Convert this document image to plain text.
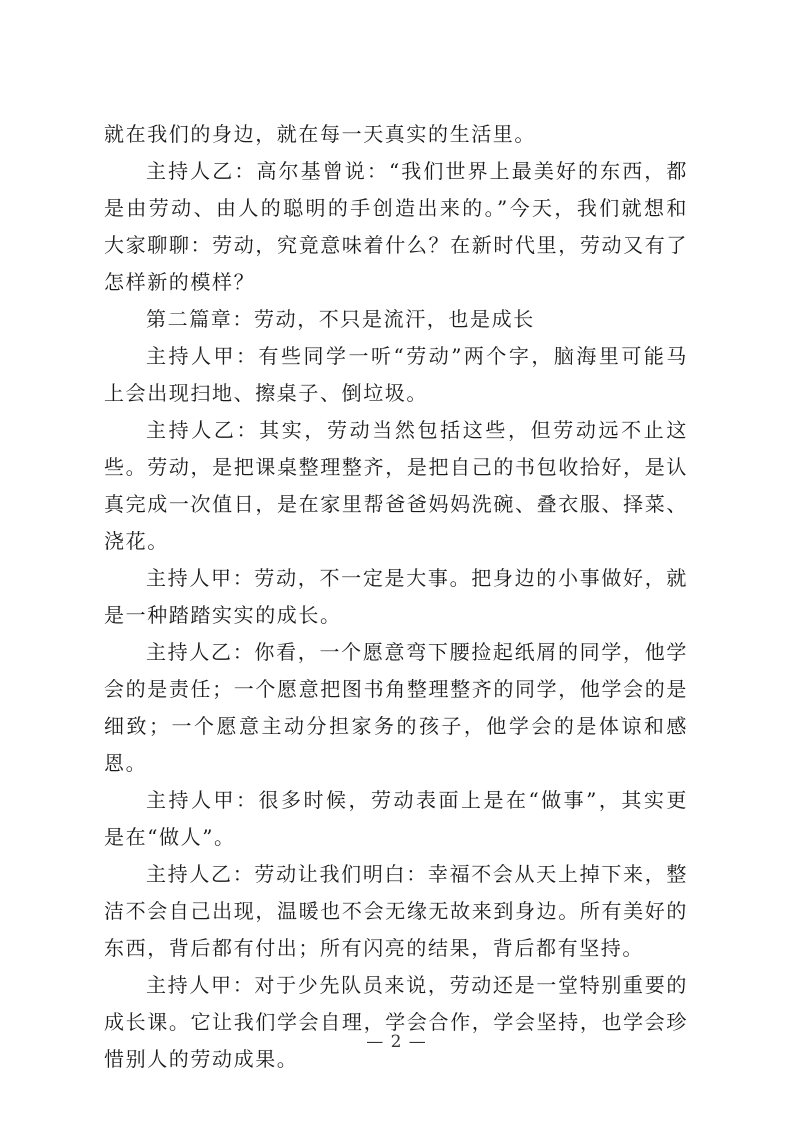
就在我们的身边，就在每一天真实的生活里。

主持人乙：高尔基曾说：“我们世界上最美好的东西，都是由劳动、由人的聪明的手创造出来的。”今天，我们就想和大家聊聊：劳动，究竟意味着什么？在新时代里，劳动又有了怎样新的模样？

第二篇章：劳动，不只是流汗，也是成长

主持人甲：有些同学一听“劳动”两个字，脑海里可能马上会出现扫地、擦桌子、倒垃圾。

主持人乙：其实，劳动当然包括这些，但劳动远不止这些。劳动，是把课桌整理整齐，是把自己的书包收拾好，是认真完成一次值日，是在家里帮爸爸妈妈洗碗、叠衣服、择菜、浇花。

主持人甲：劳动，不一定是大事。把身边的小事做好，就是一种踏踏实实的成长。

主持人乙：你看，一个愿意弯下腰捡起纸屑的同学，他学会的是责任；一个愿意把图书角整理整齐的同学，他学会的是细致；一个愿意主动分担家务的孩子，他学会的是体谅和感恩。

主持人甲：很多时候，劳动表面上是在“做事”，其实更是在“做人”。

主持人乙：劳动让我们明白：幸福不会从天上掉下来，整洁不会自己出现，温暖也不会无缘无故来到身边。所有美好的东西，背后都有付出；所有闪亮的结果，背后都有坚持。

主持人甲：对于少先队员来说，劳动还是一堂特别重要的成长课。它让我们学会自理，学会合作，学会坚持，也学会珍惜别人的劳动成果。

— 2 —
